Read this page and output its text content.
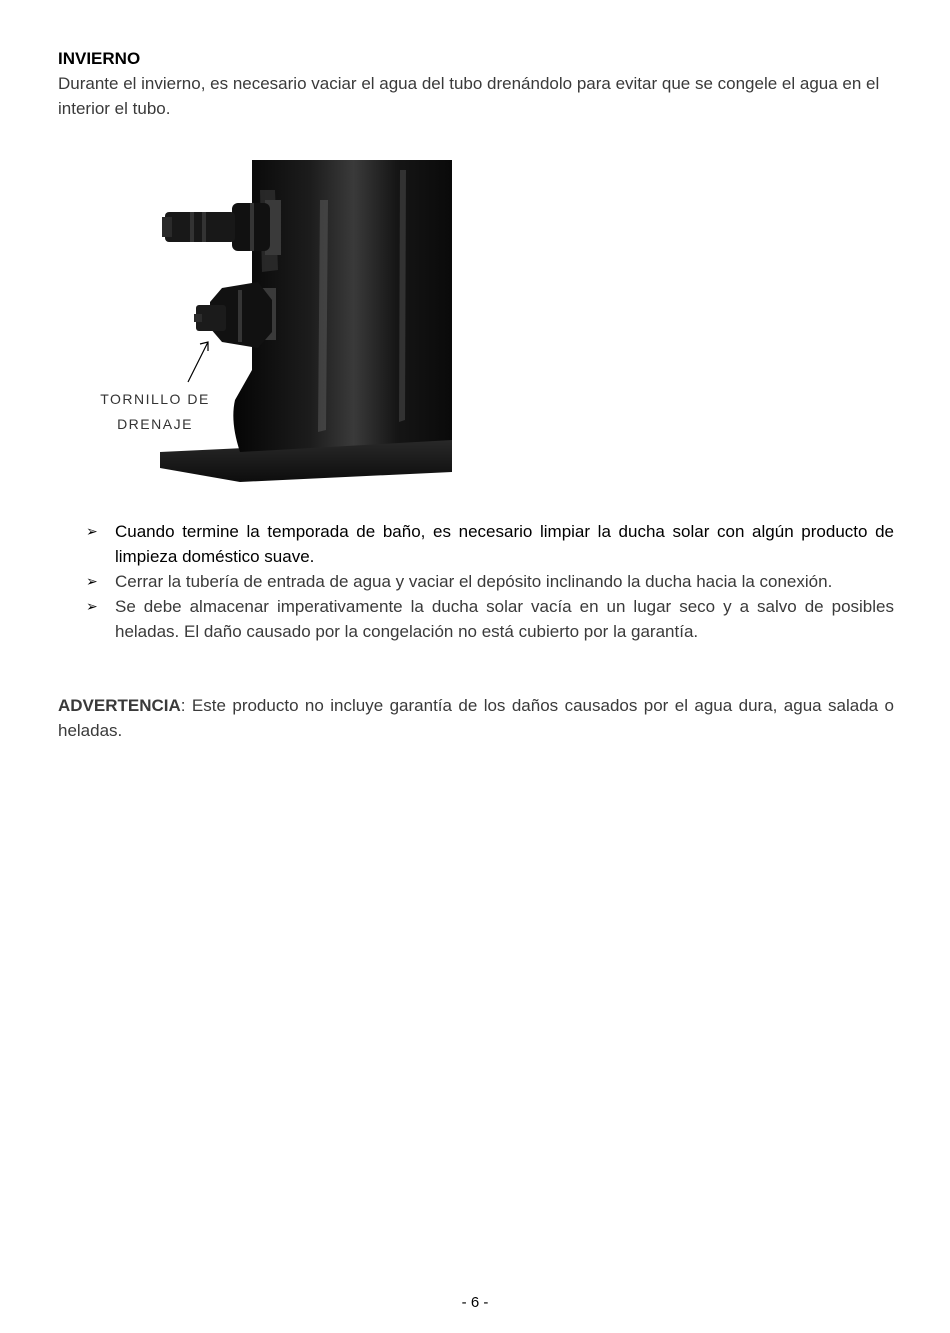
INVIERNO
Durante el invierno, es necesario vaciar el agua del tubo drenándolo para evitar que se congele el agua en el interior el tubo.
TORNILLO DE
DRENAJE
➢ Cuando termine la temporada de baño, es necesario limpiar la ducha solar con algún producto de limpieza doméstico suave.
➢ Cerrar la tubería de entrada de agua y vaciar el depósito inclinando la ducha hacia la conexión.
➢ Se debe almacenar imperativamente la ducha solar vacía en un lugar seco y a salvo de posibles heladas. El daño causado por la congelación no está cubierto por la garantía.
ADVERTENCIA: Este producto no incluye garantía de los daños causados por el agua dura, agua salada o heladas.
- 6 -
